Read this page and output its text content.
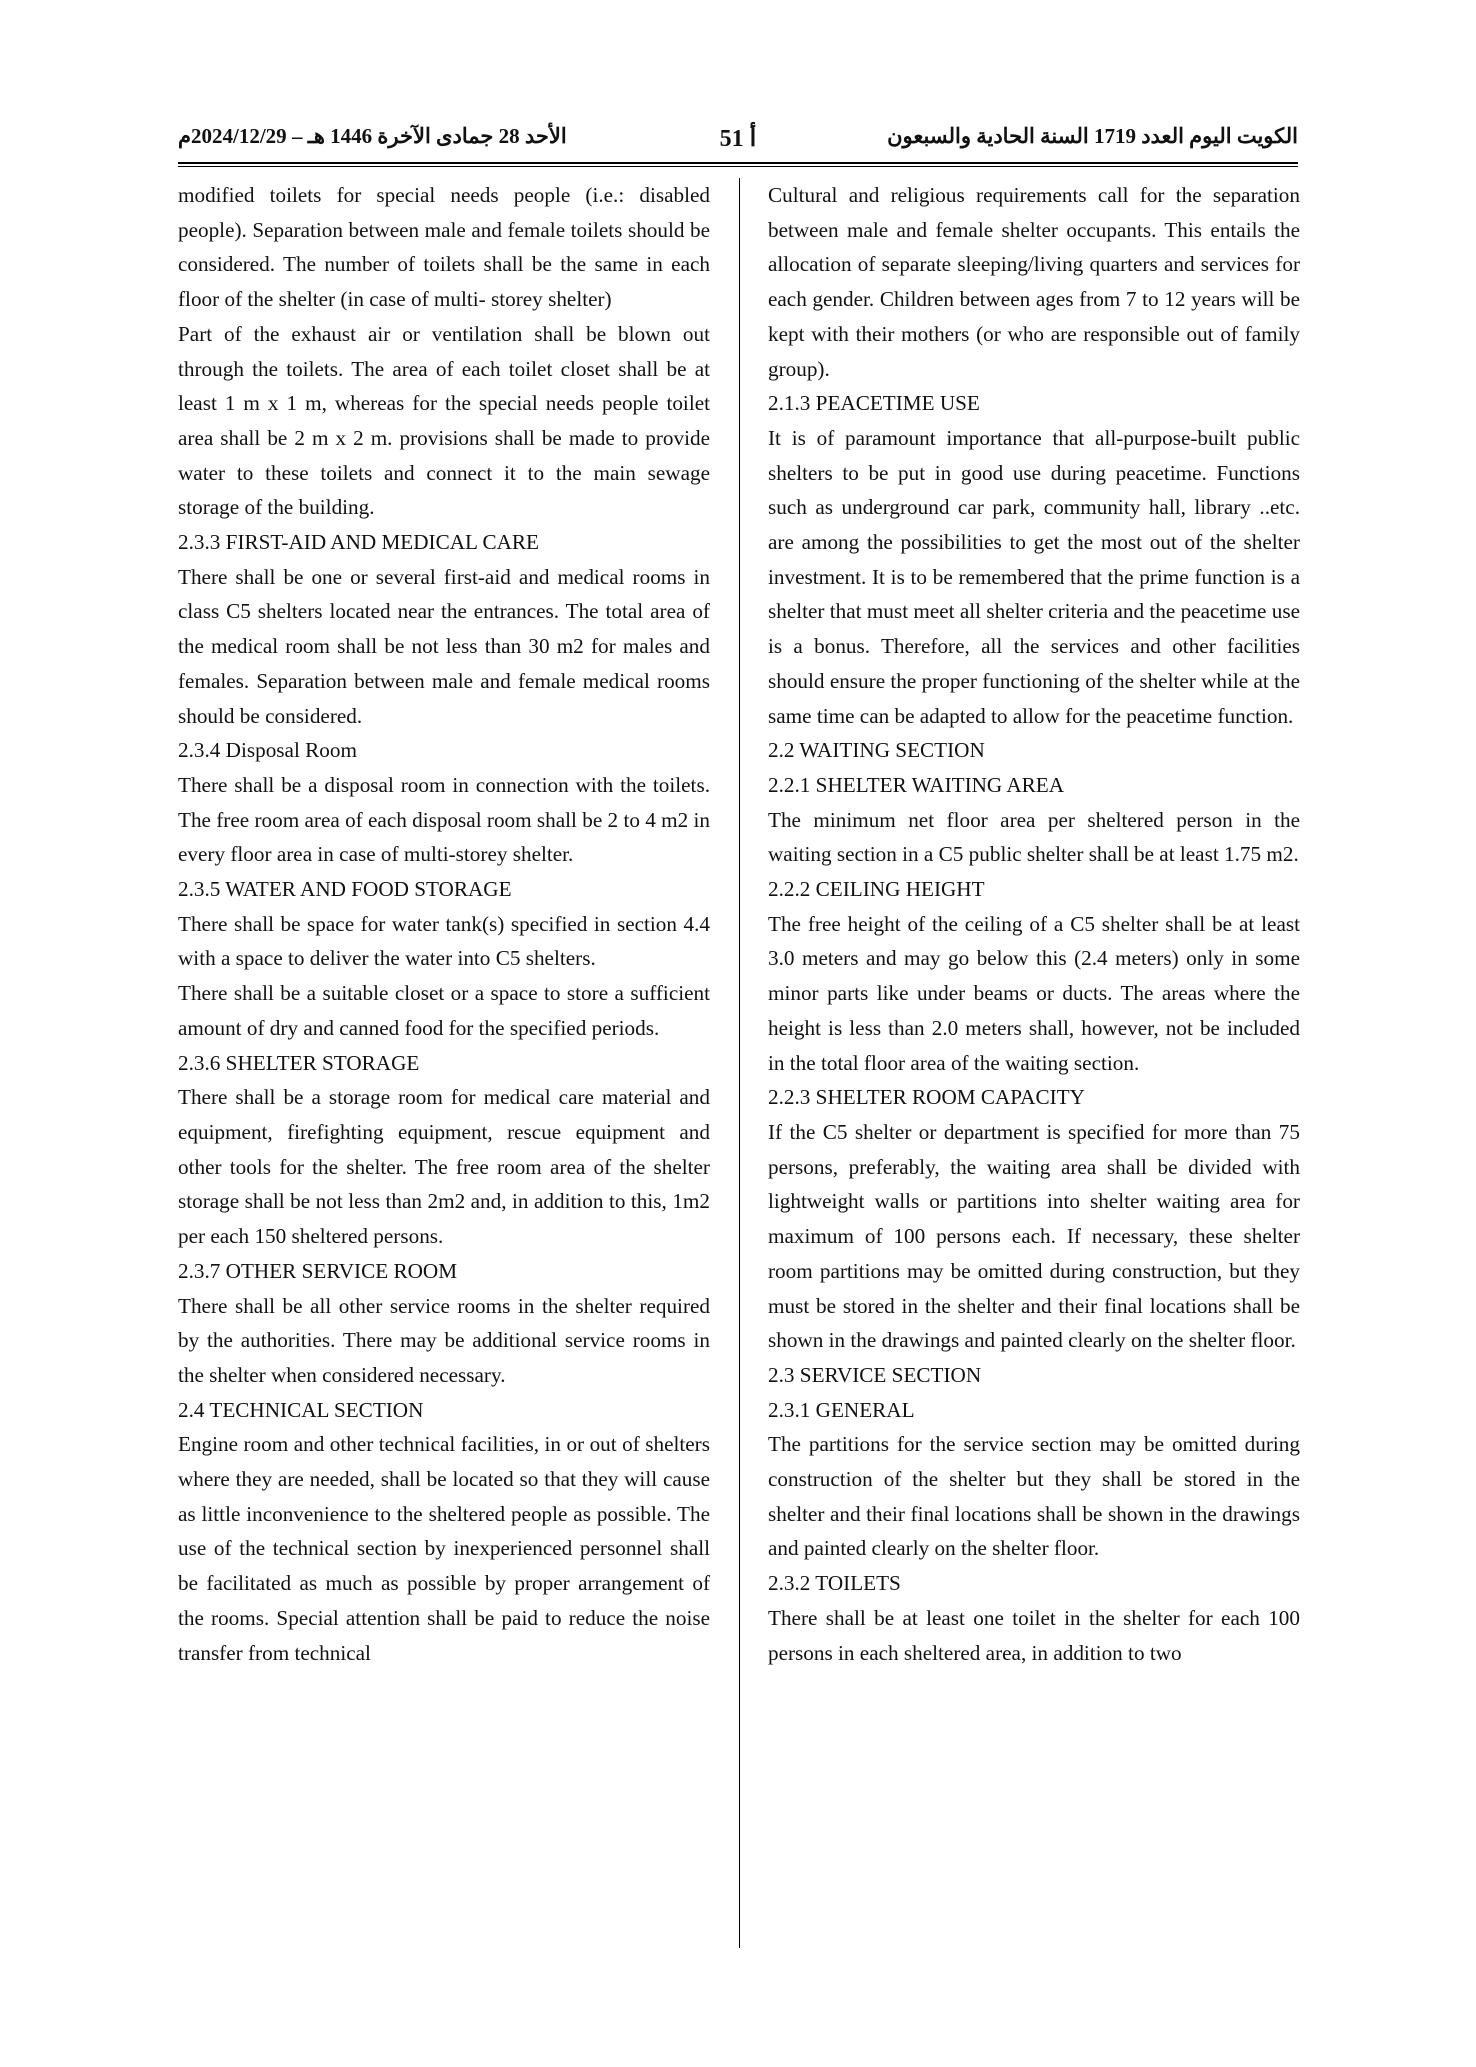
الكويت اليوم العدد 1719 السنة الحادية والسبعون
أ 51
الأحد 28 جمادى الآخرة 1446 هـ – 2024/12/29م

modified toilets for special needs people (i.e.: disabled people). Separation between male and female toilets should be considered. The number of toilets shall be the same in each floor of the shelter (in case of multi- storey shelter)

Part of the exhaust air or ventilation shall be blown out through the toilets. The area of each toilet closet shall be at least 1 m x 1 m, whereas for the special needs people toilet area shall be 2 m x 2 m. provisions shall be made to provide water to these toilets and connect it to the main sewage storage of the building.

2.3.3 FIRST-AID AND MEDICAL CARE

There shall be one or several first-aid and medical rooms in class C5 shelters located near the entrances. The total area of the medical room shall be not less than 30 m2 for males and females. Separation between male and female medical rooms should be considered.

2.3.4 Disposal Room

There shall be a disposal room in connection with the toilets. The free room area of each disposal room shall be 2 to 4 m2 in every floor area in case of multi-storey shelter.

2.3.5 WATER AND FOOD STORAGE

There shall be space for water tank(s) specified in section 4.4 with a space to deliver the water into C5 shelters.

There shall be a suitable closet or a space to store a sufficient amount of dry and canned food for the specified periods.

2.3.6 SHELTER STORAGE

There shall be a storage room for medical care material and equipment, firefighting equipment, rescue equipment and other tools for the shelter. The free room area of the shelter storage shall be not less than 2m2 and, in addition to this, 1m2 per each 150 sheltered persons.

2.3.7 OTHER SERVICE ROOM

There shall be all other service rooms in the shelter required by the authorities. There may be additional service rooms in the shelter when considered necessary.

2.4 TECHNICAL SECTION

Engine room and other technical facilities, in or out of shelters where they are needed, shall be located so that they will cause as little inconvenience to the sheltered people as possible. The use of the technical section by inexperienced personnel shall be facilitated as much as possible by proper arrangement of the rooms. Special attention shall be paid to reduce the noise transfer from technical

Cultural and religious requirements call for the separation between male and female shelter occupants. This entails the allocation of separate sleeping/living quarters and services for each gender. Children between ages from 7 to 12 years will be kept with their mothers (or who are responsible out of family group).

2.1.3 PEACETIME USE

It is of paramount importance that all-purpose-built public shelters to be put in good use during peacetime. Functions such as underground car park, community hall, library ..etc. are among the possibilities to get the most out of the shelter investment. It is to be remembered that the prime function is a shelter that must meet all shelter criteria and the peacetime use is a bonus. Therefore, all the services and other facilities should ensure the proper functioning of the shelter while at the same time can be adapted to allow for the peacetime function.

2.2 WAITING SECTION

2.2.1 SHELTER WAITING AREA

The minimum net floor area per sheltered person in the waiting section in a C5 public shelter shall be at least 1.75 m2.

2.2.2 CEILING HEIGHT

The free height of the ceiling of a C5 shelter shall be at least 3.0 meters and may go below this (2.4 meters) only in some minor parts like under beams or ducts. The areas where the height is less than 2.0 meters shall, however, not be included in the total floor area of the waiting section.

2.2.3 SHELTER ROOM CAPACITY

If the C5 shelter or department is specified for more than 75 persons, preferably, the waiting area shall be divided with lightweight walls or partitions into shelter waiting area for maximum of 100 persons each. If necessary, these shelter room partitions may be omitted during construction, but they must be stored in the shelter and their final locations shall be shown in the drawings and painted clearly on the shelter floor.

2.3 SERVICE SECTION

2.3.1 GENERAL

The partitions for the service section may be omitted during construction of the shelter but they shall be stored in the shelter and their final locations shall be shown in the drawings and painted clearly on the shelter floor.

2.3.2 TOILETS

There shall be at least one toilet in the shelter for each 100 persons in each sheltered area, in addition to two
